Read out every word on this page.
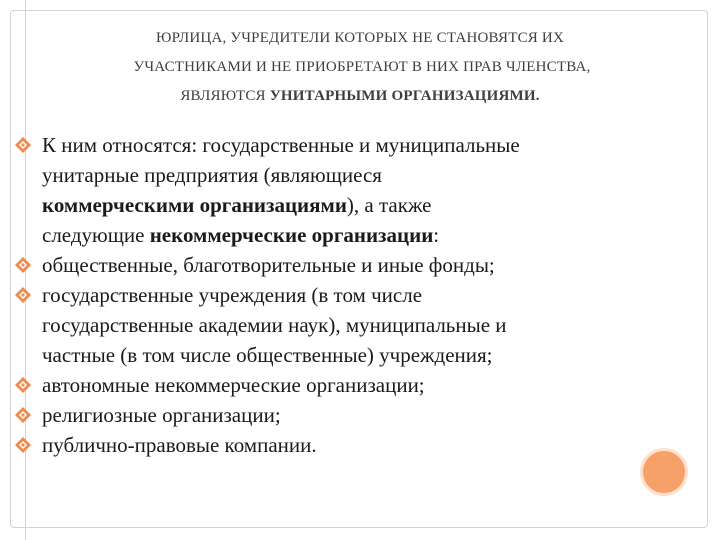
ЮРЛИЦА, УЧРЕДИТЕЛИ КОТОРЫХ НЕ СТАНОВЯТСЯ ИХ
УЧАСТНИКАМИ И НЕ ПРИОБРЕТАЮТ В НИХ ПРАВ ЧЛЕНСТВА,
ЯВЛЯЮТСЯ УНИТАРНЫМИ ОРГАНИЗАЦИЯМИ.
К ним относятся: государственные и муниципальные
унитарные предприятия (являющиеся
коммерческими организациями), а также
следующие некоммерческие организации:
общественные, благотворительные и иные фонды;
государственные учреждения (в том числе
государственные академии наук), муниципальные и
частные (в том числе общественные) учреждения;
автономные некоммерческие организации;
религиозные организации;
публично-правовые компании.
